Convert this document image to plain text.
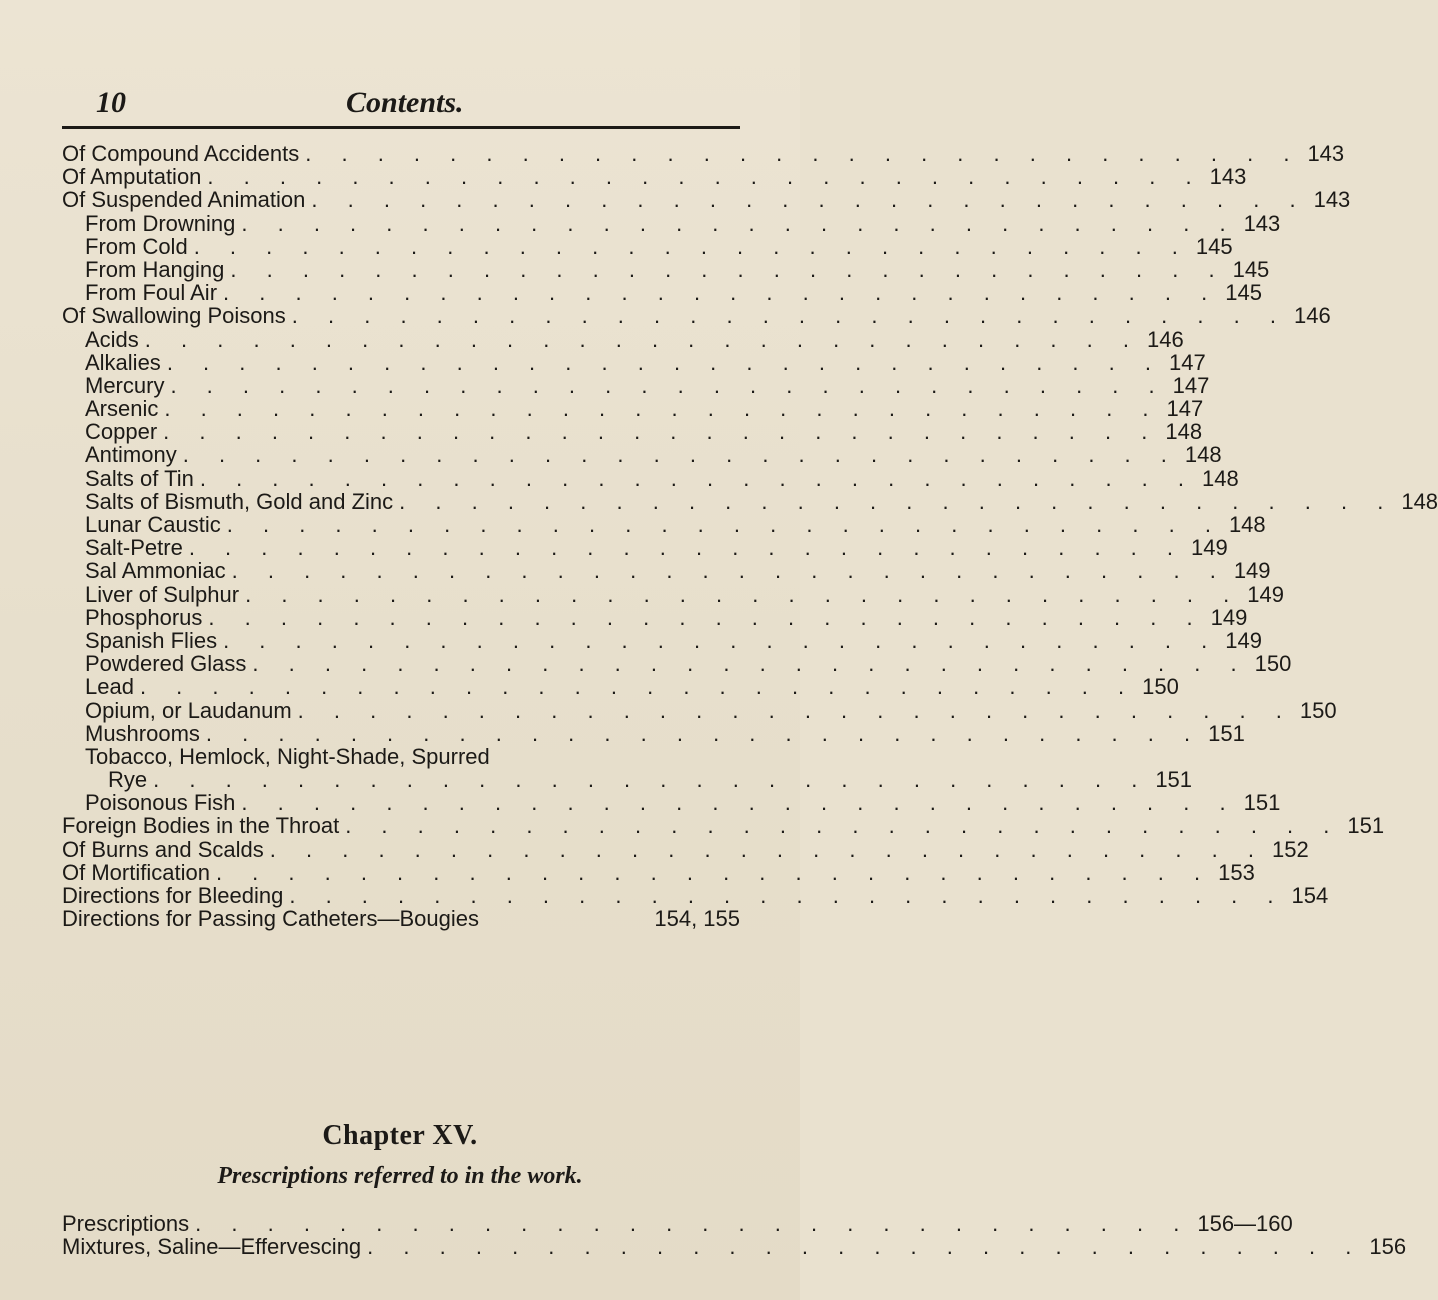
10	Contents.
Of Compound Accidents . . . . . . . . . . . . . . . . . . . . . . . . . . . . 143
Of Amputation . . . . . . . . . . . . . . . . . . . . . . . . . . . . 143
Of Suspended Animation . . . . . . . . . . . . . . . . . . . . . . . . . . . . 143
From Drowning . . . . . . . . . . . . . . . . . . . . . . . . . . . . 143
From Cold . . . . . . . . . . . . . . . . . . . . . . . . . . . . 145
From Hanging . . . . . . . . . . . . . . . . . . . . . . . . . . . . 145
From Foul Air . . . . . . . . . . . . . . . . . . . . . . . . . . . . 145
Of Swallowing Poisons . . . . . . . . . . . . . . . . . . . . . . . . . . . . 146
Acids . . . . . . . . . . . . . . . . . . . . . . . . . . . . 146
Alkalies . . . . . . . . . . . . . . . . . . . . . . . . . . . . 147
Mercury . . . . . . . . . . . . . . . . . . . . . . . . . . . . 147
Arsenic . . . . . . . . . . . . . . . . . . . . . . . . . . . . 147
Copper . . . . . . . . . . . . . . . . . . . . . . . . . . . . 148
Antimony . . . . . . . . . . . . . . . . . . . . . . . . . . . . 148
Salts of Tin . . . . . . . . . . . . . . . . . . . . . . . . . . . . 148
Salts of Bismuth, Gold and Zinc . . . . . . . . . . . . . . . . . . . . . . . . . . . . 148
Lunar Caustic . . . . . . . . . . . . . . . . . . . . . . . . . . . . 148
Salt-Petre . . . . . . . . . . . . . . . . . . . . . . . . . . . . 149
Sal Ammoniac . . . . . . . . . . . . . . . . . . . . . . . . . . . . 149
Liver of Sulphur . . . . . . . . . . . . . . . . . . . . . . . . . . . . 149
Phosphorus . . . . . . . . . . . . . . . . . . . . . . . . . . . . 149
Spanish Flies . . . . . . . . . . . . . . . . . . . . . . . . . . . . 149
Powdered Glass . . . . . . . . . . . . . . . . . . . . . . . . . . . . 150
Lead . . . . . . . . . . . . . . . . . . . . . . . . . . . . 150
Opium, or Laudanum . . . . . . . . . . . . . . . . . . . . . . . . . . . . 150
Mushrooms . . . . . . . . . . . . . . . . . . . . . . . . . . . . 151
Tobacco, Hemlock, Night-Shade, Spurred
Rye . . . . . . . . . . . . . . . . . . . . . . . . . . . . 151
Poisonous Fish . . . . . . . . . . . . . . . . . . . . . . . . . . . . 151
Foreign Bodies in the Throat . . . . . . . . . . . . . . . . . . . . . . . . . . . . 151
Of Burns and Scalds . . . . . . . . . . . . . . . . . . . . . . . . . . . . 152
Of Mortification . . . . . . . . . . . . . . . . . . . . . . . . . . . . 153
Directions for Bleeding . . . . . . . . . . . . . . . . . . . . . . . . . . . . 154
Directions for Passing Catheters—Bougies	154, 155
Chapter XV.
Prescriptions referred to in the work.
Prescriptions . . . . . . . . . . . . . . . . . . . . . . . . . . . . 156—160
Mixtures, Saline—Effervescing . . . . . . . . . . . . . . . . . . . . . . . . . . . . 156
